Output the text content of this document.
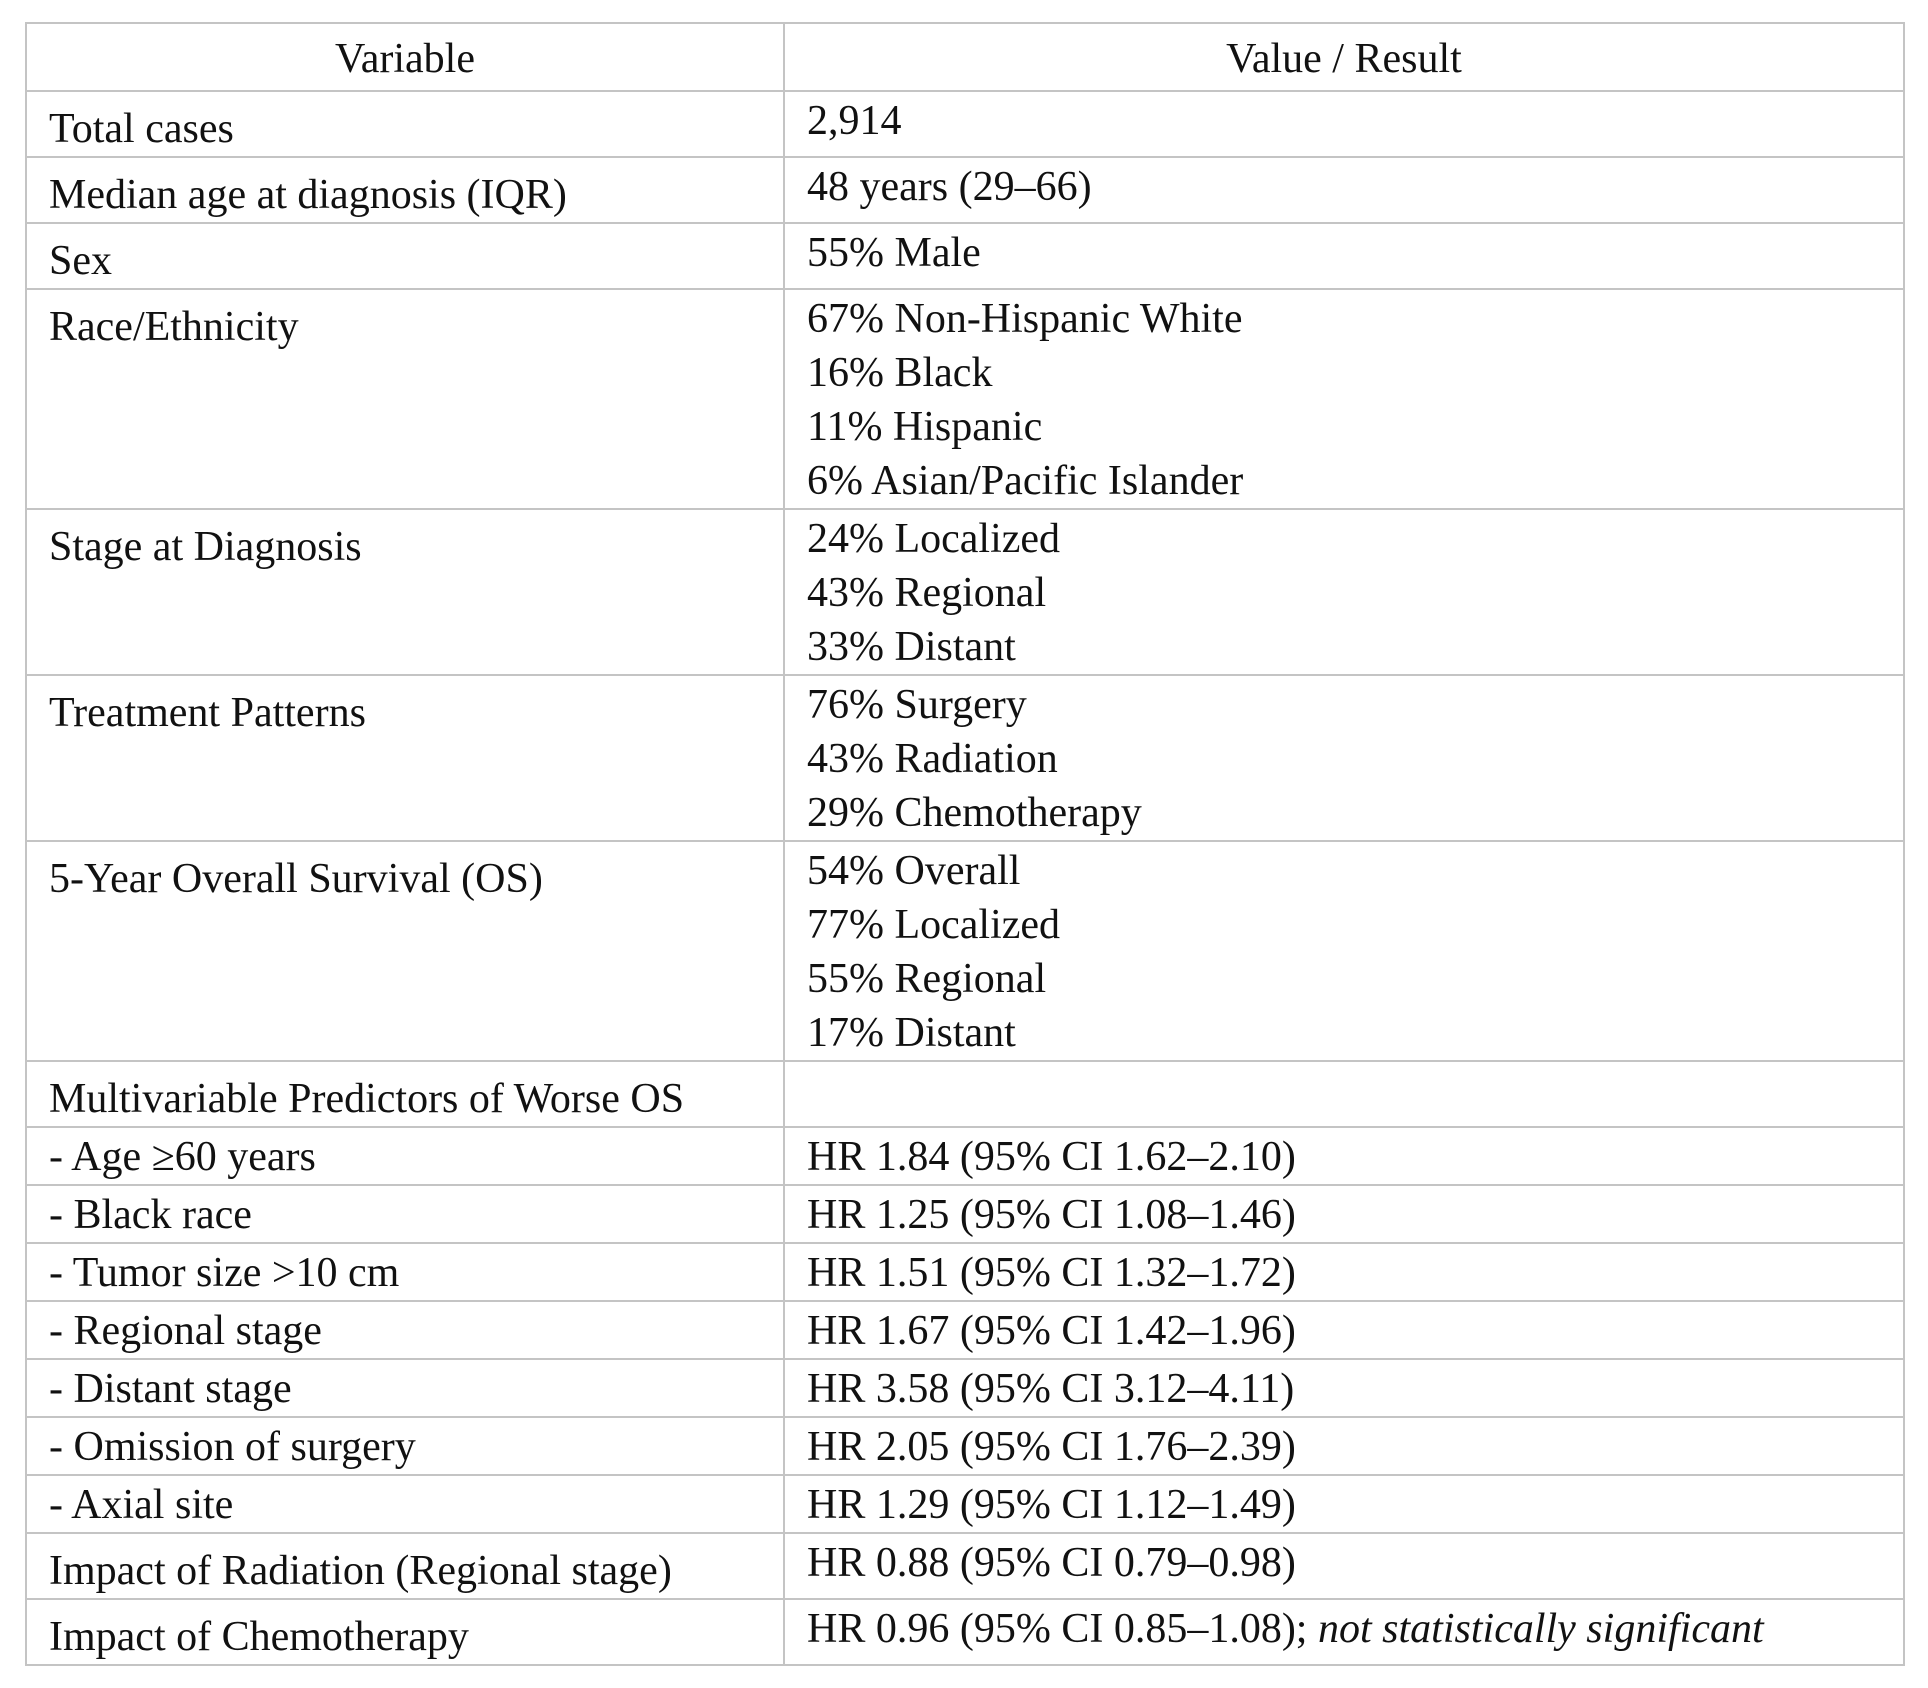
Variable	Value / Result
Total cases	2,914

Median age at diagnosis (IQR)	48 years (29–66)

Sex	55% Male

Race/Ethnicity	67% Non-Hispanic White
16% Black
11% Hispanic
6% Asian/Pacific Islander

Stage at Diagnosis	24% Localized
43% Regional
33% Distant

Treatment Patterns	76% Surgery
43% Radiation
29% Chemotherapy

5-Year Overall Survival (OS)	54% Overall
77% Localized
55% Regional
17% Distant

Multivariable Predictors of Worse OS	
- Age ≥60 years	HR 1.84 (95% CI 1.62–2.10)

- Black race	HR 1.25 (95% CI 1.08–1.46)

- Tumor size >10 cm	HR 1.51 (95% CI 1.32–1.72)

- Regional stage	HR 1.67 (95% CI 1.42–1.96)

- Distant stage	HR 3.58 (95% CI 3.12–4.11)

- Omission of surgery	HR 2.05 (95% CI 1.76–2.39)

- Axial site	HR 1.29 (95% CI 1.12–1.49)

Impact of Radiation (Regional stage)	HR 0.88 (95% CI 0.79–0.98)

Impact of Chemotherapy	HR 0.96 (95% CI 0.85–1.08); not statistically significant
